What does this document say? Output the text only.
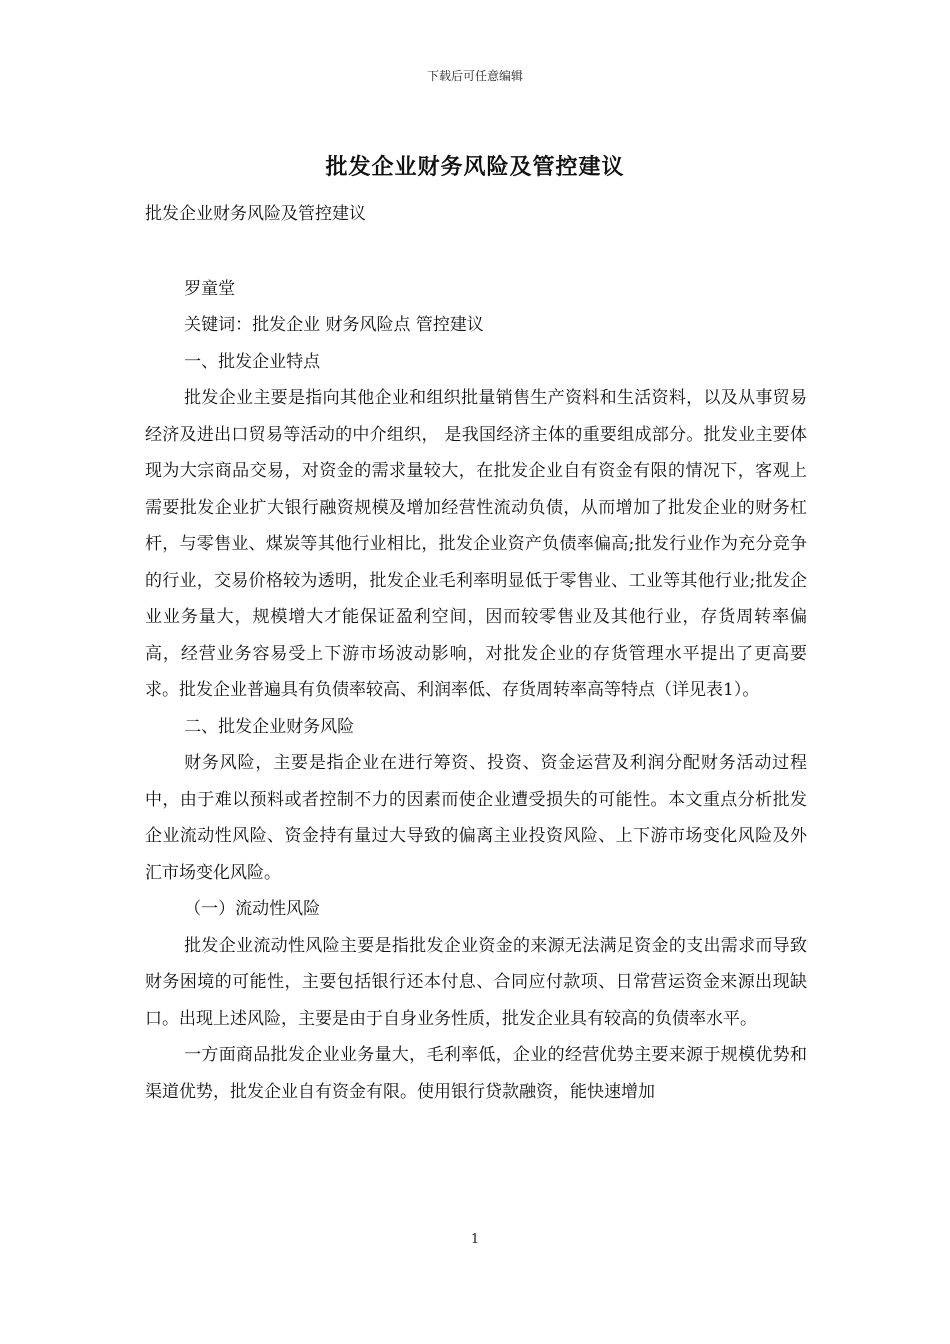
下载后可任意编辑
批发企业财务风险及管控建议

批发企业财务风险及管控建议

罗童堂

关键词：批发企业 财务风险点 管控建议

一、批发企业特点

批发企业主要是指向其他企业和组织批量销售生产资料和生活资料，以及从事贸易经济及进出口贸易等活动的中介组织， 是我国经济主体的重要组成部分。批发业主要体现为大宗商品交易，对资金的需求量较大，在批发企业自有资金有限的情况下，客观上需要批发企业扩大银行融资规模及增加经营性流动负债，从而增加了批发企业的财务杠杆，与零售业、煤炭等其他行业相比，批发企业资产负债率偏高;批发行业作为充分竞争的行业，交易价格较为透明，批发企业毛利率明显低于零售业、工业等其他行业;批发企业业务量大，规模增大才能保证盈利空间，因而较零售业及其他行业，存货周转率偏高，经营业务容易受上下游市场波动影响，对批发企业的存货管理水平提出了更高要求。批发企业普遍具有负债率较高、利润率低、存货周转率高等特点（详见表1）。

二、批发企业财务风险

财务风险，主要是指企业在进行筹资、投资、资金运营及利润分配财务活动过程中，由于难以预料或者控制不力的因素而使企业遭受损失的可能性。本文重点分析批发企业流动性风险、资金持有量过大导致的偏离主业投资风险、上下游市场变化风险及外汇市场变化风险。

（一）流动性风险

批发企业流动性风险主要是指批发企业资金的来源无法满足资金的支出需求而导致财务困境的可能性，主要包括银行还本付息、合同应付款项、日常营运资金来源出现缺口。出现上述风险，主要是由于自身业务性质，批发企业具有较高的负债率水平。

一方面商品批发企业业务量大，毛利率低，企业的经营优势主要来源于规模优势和渠道优势，批发企业自有资金有限。使用银行贷款融资，能快速增加

1
